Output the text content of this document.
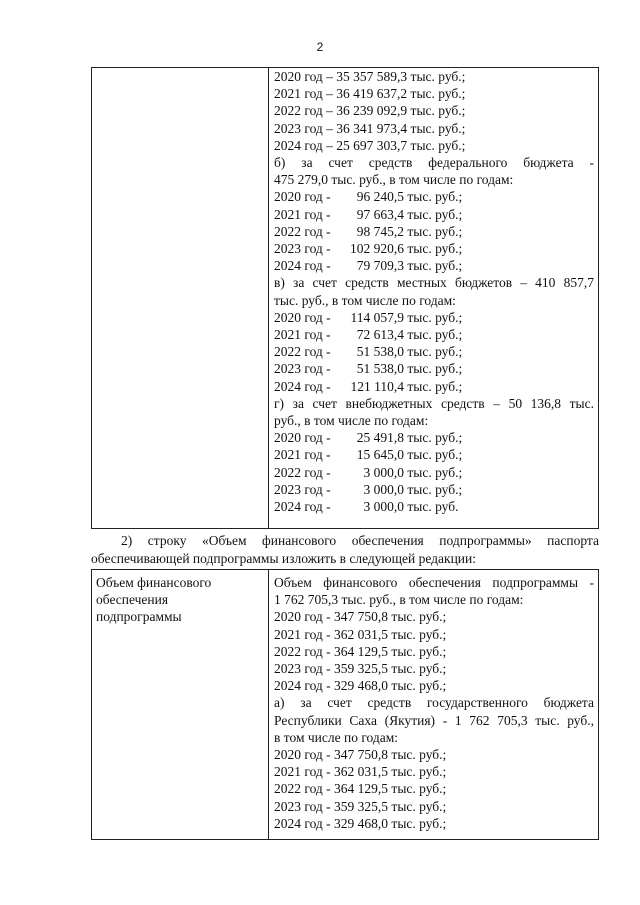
2
2020 год – 35 357 589,3 тыс. руб.;
2021 год – 36 419 637,2 тыс. руб.;
2022 год – 36 239 092,9 тыс. руб.;
2023 год – 36 341 973,4 тыс. руб.;
2024 год – 25 697 303,7 тыс. руб.;
б) за счет средств федерального бюджета -
475 279,0 тыс. руб., в том числе по годам:
2020 год - 96 240,5 тыс. руб.;
2021 год - 97 663,4 тыс. руб.;
2022 год - 98 745,2 тыс. руб.;
2023 год - 102 920,6 тыс. руб.;
2024 год - 79 709,3 тыс. руб.;
в) за счет средств местных бюджетов – 410 857,7
тыс. руб., в том числе по годам:
2020 год - 114 057,9 тыс. руб.;
2021 год - 72 613,4 тыс. руб.;
2022 год - 51 538,0 тыс. руб.;
2023 год - 51 538,0 тыс. руб.;
2024 год - 121 110,4 тыс. руб.;
г) за счет внебюджетных средств – 50 136,8 тыс.
руб., в том числе по годам:
2020 год - 25 491,8 тыс. руб.;
2021 год - 15 645,0 тыс. руб.;
2022 год - 3 000,0 тыс. руб.;
2023 год - 3 000,0 тыс. руб.;
2024 год - 3 000,0 тыс. руб.
2) строку «Объем финансового обеспечения подпрограммы» паспорта
обеспечивающей подпрограммы изложить в следующей редакции:
Объем финансового
обеспечения
подпрограммы
Объем финансового обеспечения подпрограммы -
1 762 705,3 тыс. руб., в том числе по годам:
2020 год - 347 750,8 тыс. руб.;
2021 год - 362 031,5 тыс. руб.;
2022 год - 364 129,5 тыс. руб.;
2023 год - 359 325,5 тыс. руб.;
2024 год - 329 468,0 тыс. руб.;
а) за счет средств государственного бюджета
Республики Саха (Якутия) - 1 762 705,3 тыс. руб.,
в том числе по годам:
2020 год - 347 750,8 тыс. руб.;
2021 год - 362 031,5 тыс. руб.;
2022 год - 364 129,5 тыс. руб.;
2023 год - 359 325,5 тыс. руб.;
2024 год - 329 468,0 тыс. руб.;
